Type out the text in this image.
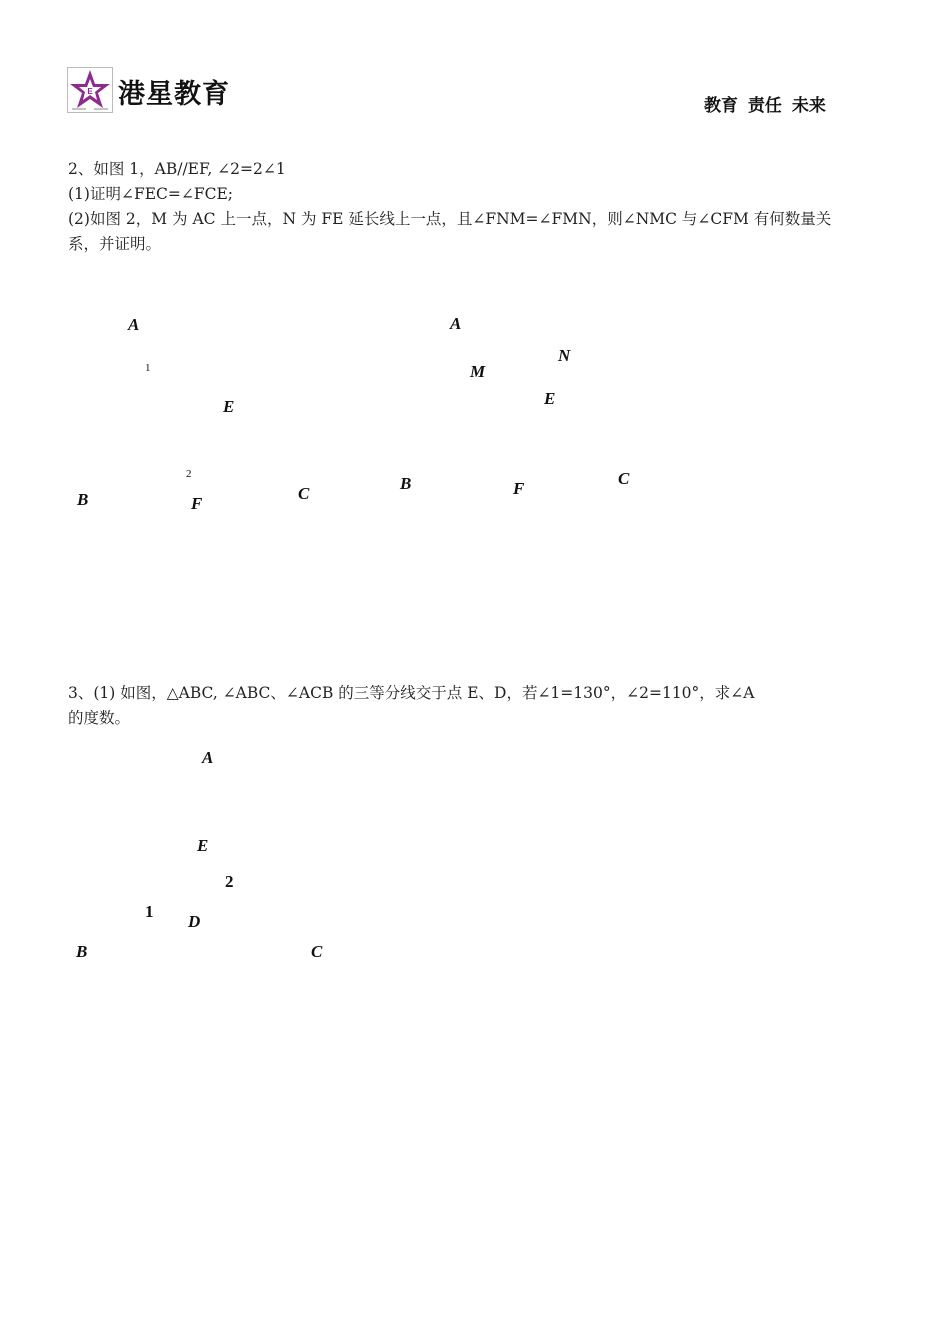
E 港星教育	教育 责任 未来
2、如图 1，AB//EF, ∠2=2∠1
(1)证明∠FEC=∠FCE;
(2)如图 2，M 为 AC 上一点，N 为 FE 延长线上一点，且∠FNM=∠FMN，则∠NMC 与∠CFM 有何数量关
系，并证明。
A
1
E
2
B	F
C
A
N
M
E
B	F
C
3、(1) 如图，△ABC, ∠ABC、∠ACB 的三等分线交于点 E、D，若∠1=130°，∠2=110°，求∠A
的度数。
A
E
2
1
D
B	C
